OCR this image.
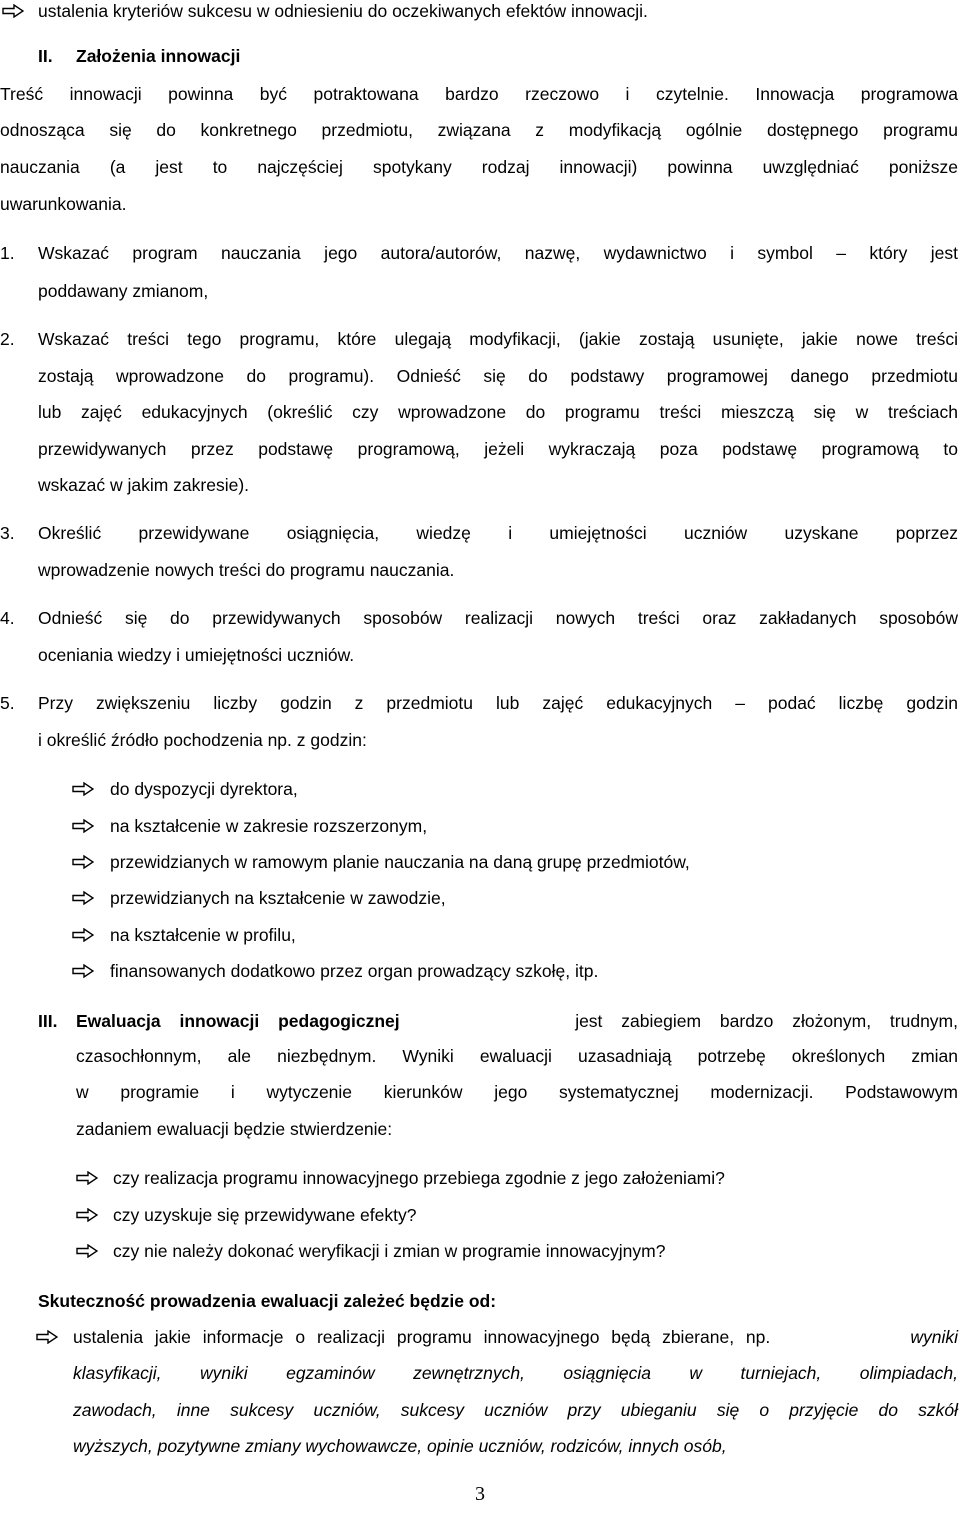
ustalenia kryteriów sukcesu w odniesieniu do oczekiwanych efektów innowacji.
II. Założenia innowacji
Treść innowacji powinna być potraktowana bardzo rzeczowo i czytelnie. Innowacja programowa
odnosząca się do konkretnego przedmiotu, związana z modyfikacją ogólnie dostępnego programu
nauczania (a jest to najczęściej spotykany rodzaj innowacji) powinna uwzględniać poniższe
uwarunkowania.
1. Wskazać program nauczania jego autora/autorów, nazwę, wydawnictwo i symbol – który jest
poddawany zmianom,
2. Wskazać treści tego programu, które ulegają modyfikacji, (jakie zostają usunięte, jakie nowe treści
zostają wprowadzone do programu). Odnieść się do podstawy programowej danego przedmiotu
lub zajęć edukacyjnych (określić czy wprowadzone do programu treści mieszczą się w treściach
przewidywanych przez podstawę programową, jeżeli wykraczają poza podstawę programową to
wskazać w jakim zakresie).
3. Określić przewidywane osiągnięcia, wiedzę i umiejętności uczniów uzyskane poprzez
wprowadzenie nowych treści do programu nauczania.
4. Odnieść się do przewidywanych sposobów realizacji nowych treści oraz zakładanych sposobów
oceniania wiedzy i umiejętności uczniów.
5. Przy zwiększeniu liczby godzin z przedmiotu lub zajęć edukacyjnych – podać liczbę godzin
i określić źródło pochodzenia np. z godzin:
do dyspozycji dyrektora,
na kształcenie w zakresie rozszerzonym,
przewidzianych w ramowym planie nauczania na daną grupę przedmiotów,
przewidzianych na kształcenie w zawodzie,
na kształcenie w profilu,
finansowanych dodatkowo przez organ prowadzący szkołę, itp.
III. Ewaluacja innowacji pedagogicznej	jest zabiegiem bardzo złożonym, trudnym,
czasochłonnym, ale niezbędnym. Wyniki ewaluacji uzasadniają potrzebę określonych zmian
w programie i wytyczenie kierunków jego systematycznej modernizacji. Podstawowym
zadaniem ewaluacji będzie stwierdzenie:
czy realizacja programu innowacyjnego przebiega zgodnie z jego założeniami?
czy uzyskuje się przewidywane efekty?
czy nie należy dokonać weryfikacji i zmian w programie innowacyjnym?
Skuteczność prowadzenia ewaluacji zależeć będzie od:
ustalenia jakie informacje o realizacji programu innowacyjnego będą zbierane, np.	wyniki
klasyfikacji, wyniki egzaminów zewnętrznych, osiągnięcia w turniejach, olimpiadach,
zawodach, inne sukcesy uczniów, sukcesy uczniów przy ubieganiu się o przyjęcie do szkół
wyższych, pozytywne zmiany wychowawcze, opinie uczniów, rodziców, innych osób,
3
